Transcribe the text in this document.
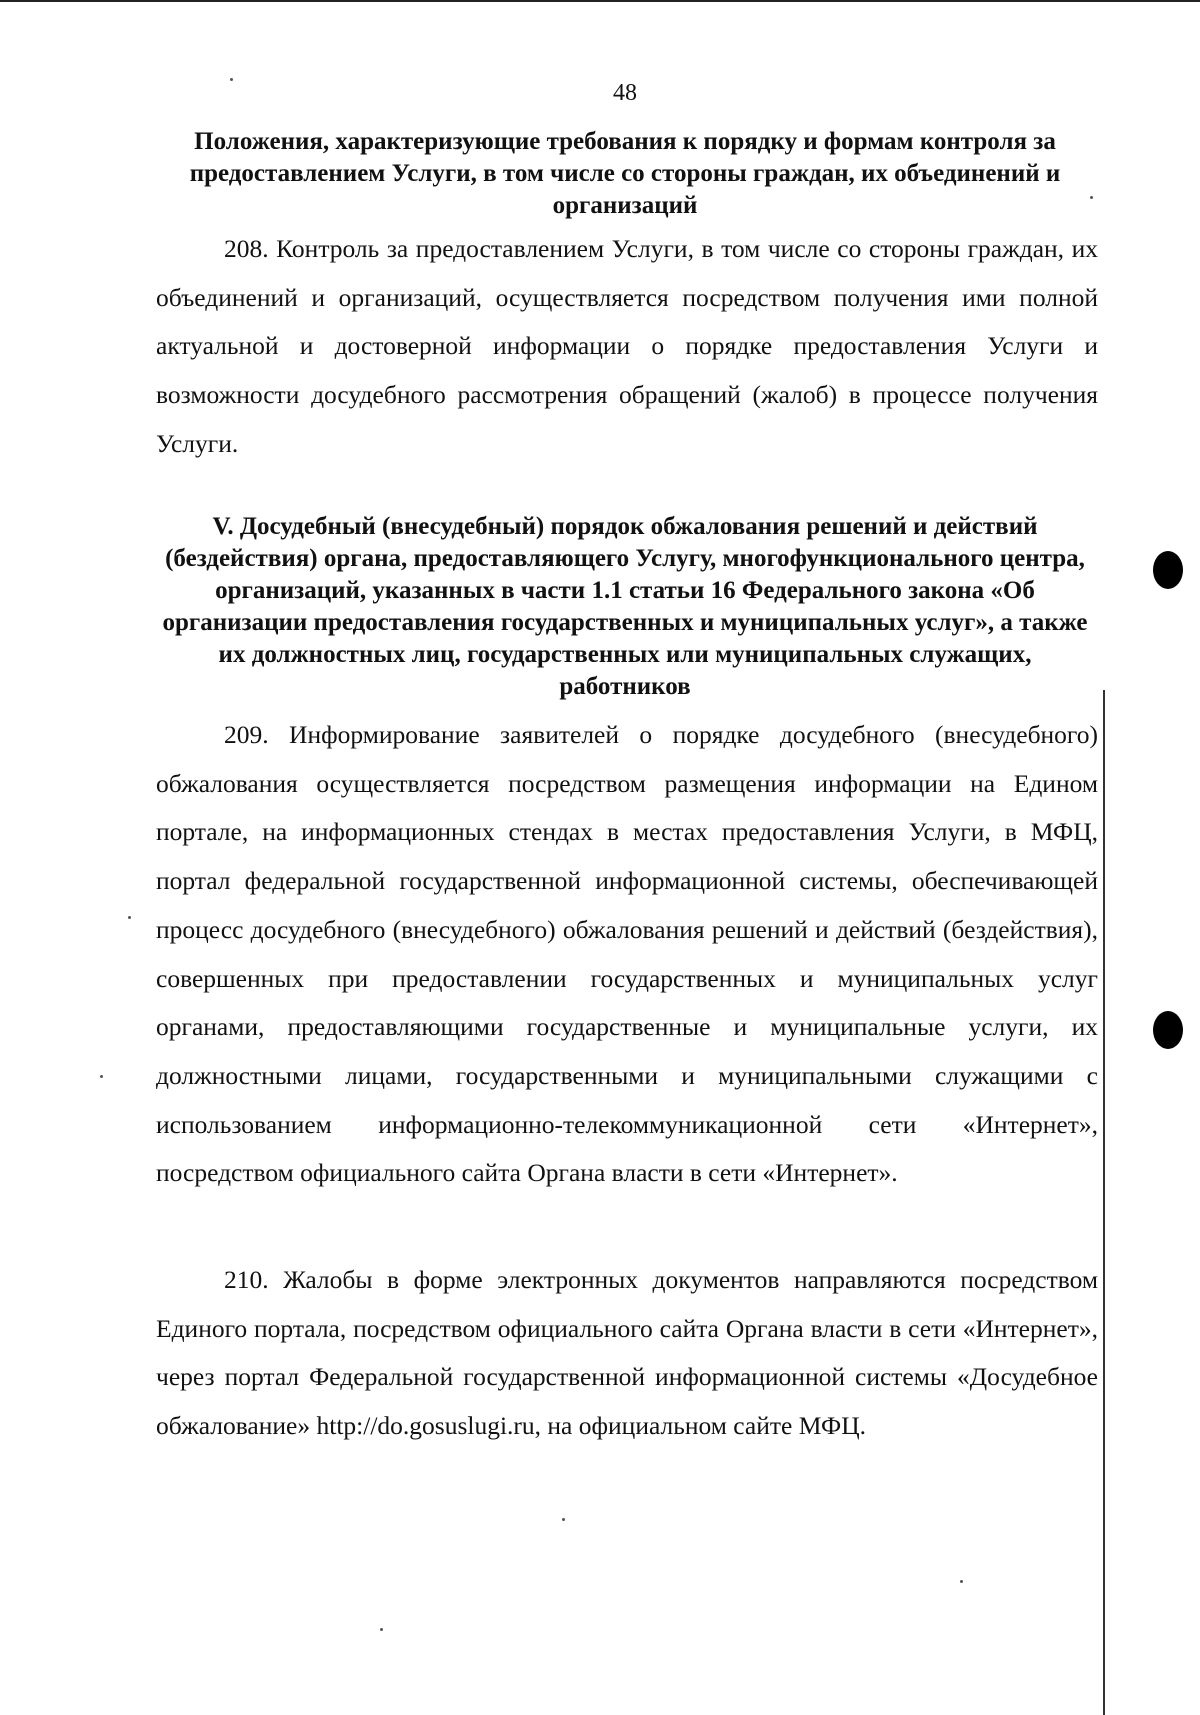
48
Положения, характеризующие требования к порядку и формам контроля за предоставлением Услуги, в том числе со стороны граждан, их объединений и организаций

208. Контроль за предоставлением Услуги, в том числе со стороны граждан, их объединений и организаций, осуществляется посредством получения ими полной актуальной и достоверной информации о порядке предоставления Услуги и возможности досудебного рассмотрения обращений (жалоб) в процессе получения Услуги.

V. Досудебный (внесудебный) порядок обжалования решений и действий (бездействия) органа, предоставляющего Услугу, многофункционального центра, организаций, указанных в части 1.1 статьи 16 Федерального закона «Об организации предоставления государственных и муниципальных услуг», а также их должностных лиц, государственных или муниципальных служащих, работников

209. Информирование заявителей о порядке досудебного (внесудебного) обжалования осуществляется посредством размещения информации на Едином портале, на информационных стендах в местах предоставления Услуги, в МФЦ, портал федеральной государственной информационной системы, обеспечивающей процесс досудебного (внесудебного) обжалования решений и действий (бездействия), совершенных при предоставлении государственных и муниципальных услуг органами, предоставляющими государственные и муниципальные услуги, их должностными лицами, государственными и муниципальными служащими с использованием информационно-телекоммуникационной сети «Интернет», посредством официального сайта Органа власти в сети «Интернет».

210. Жалобы в форме электронных документов направляются посредством Единого портала, посредством официального сайта Органа власти в сети «Интернет», через портал Федеральной государственной информационной системы «Досудебное обжалование» http://do.gosuslugi.ru, на официальном сайте МФЦ.
